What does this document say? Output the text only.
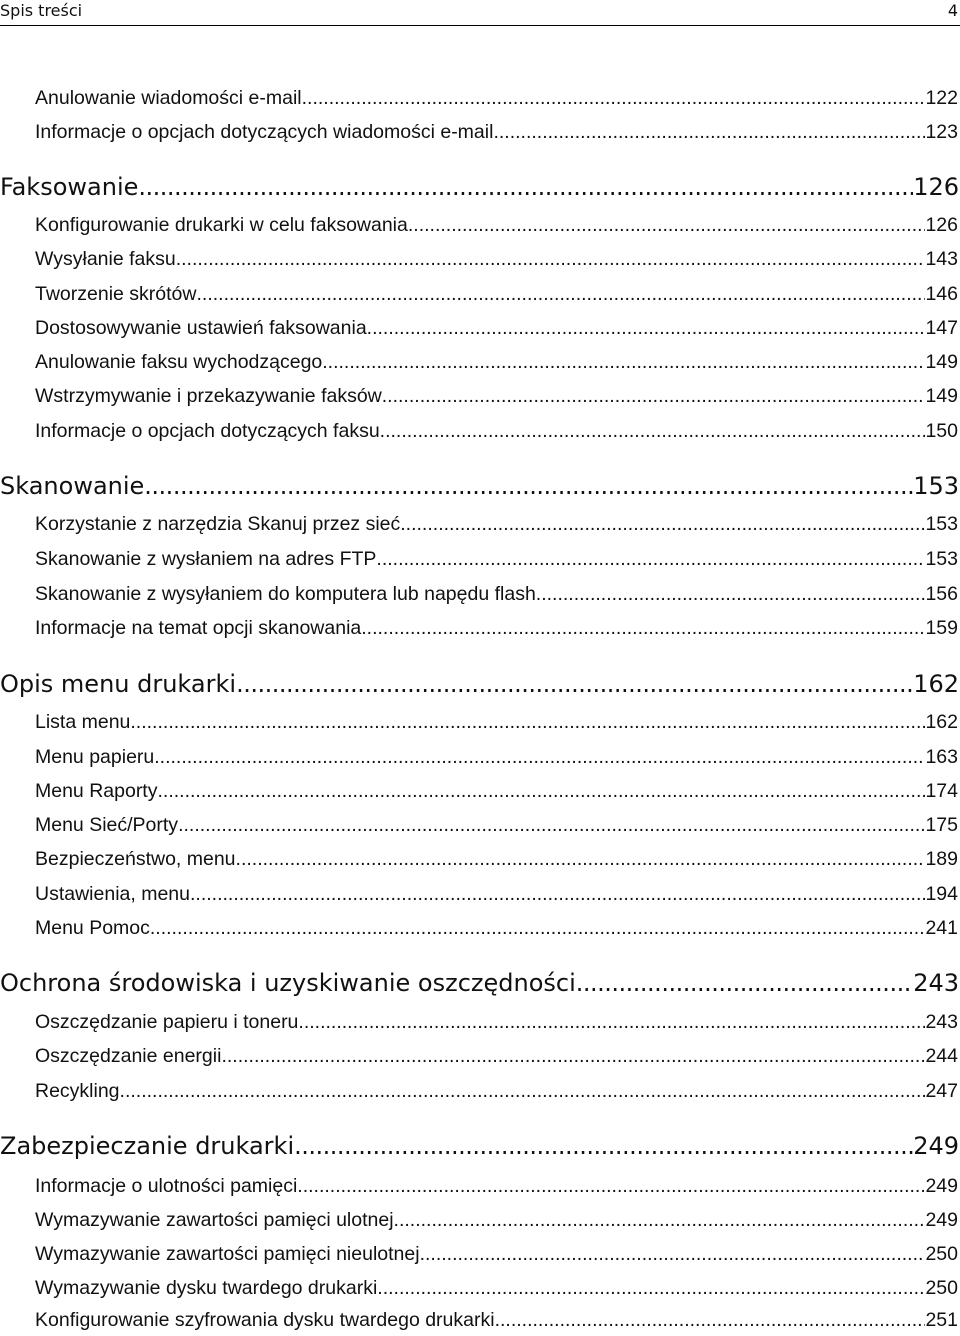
Spis treści	4
Anulowanie wiadomości e-mail .....	122
Informacje o opcjach dotyczących wiadomości e-mail .....	123
Faksowanie .....	126
Konfigurowanie drukarki w celu faksowania .....	126
Wysyłanie faksu .....	143
Tworzenie skrótów .....	146
Dostosowywanie ustawień faksowania .....	147
Anulowanie faksu wychodzącego .....	149
Wstrzymywanie i przekazywanie faksów .....	149
Informacje o opcjach dotyczących faksu .....	150
Skanowanie .....	153
Korzystanie z narzędzia Skanuj przez sieć .....	153
Skanowanie z wysłaniem na adres FTP .....	153
Skanowanie z wysyłaniem do komputera lub napędu flash .....	156
Informacje na temat opcji skanowania .....	159
Opis menu drukarki .....	162
Lista menu .....	162
Menu papieru .....	163
Menu Raporty .....	174
Menu Sieć/Porty .....	175
Bezpieczeństwo, menu .....	189
Ustawienia, menu .....	194
Menu Pomoc .....	241
Ochrona środowiska i uzyskiwanie oszczędności .....	243
Oszczędzanie papieru i toneru .....	243
Oszczędzanie energii .....	244
Recykling .....	247
Zabezpieczanie drukarki .....	249
Informacje o ulotności pamięci .....	249
Wymazywanie zawartości pamięci ulotnej .....	249
Wymazywanie zawartości pamięci nieulotnej .....	250
Wymazywanie dysku twardego drukarki .....	250
Konfigurowanie szyfrowania dysku twardego drukarki .....	251
